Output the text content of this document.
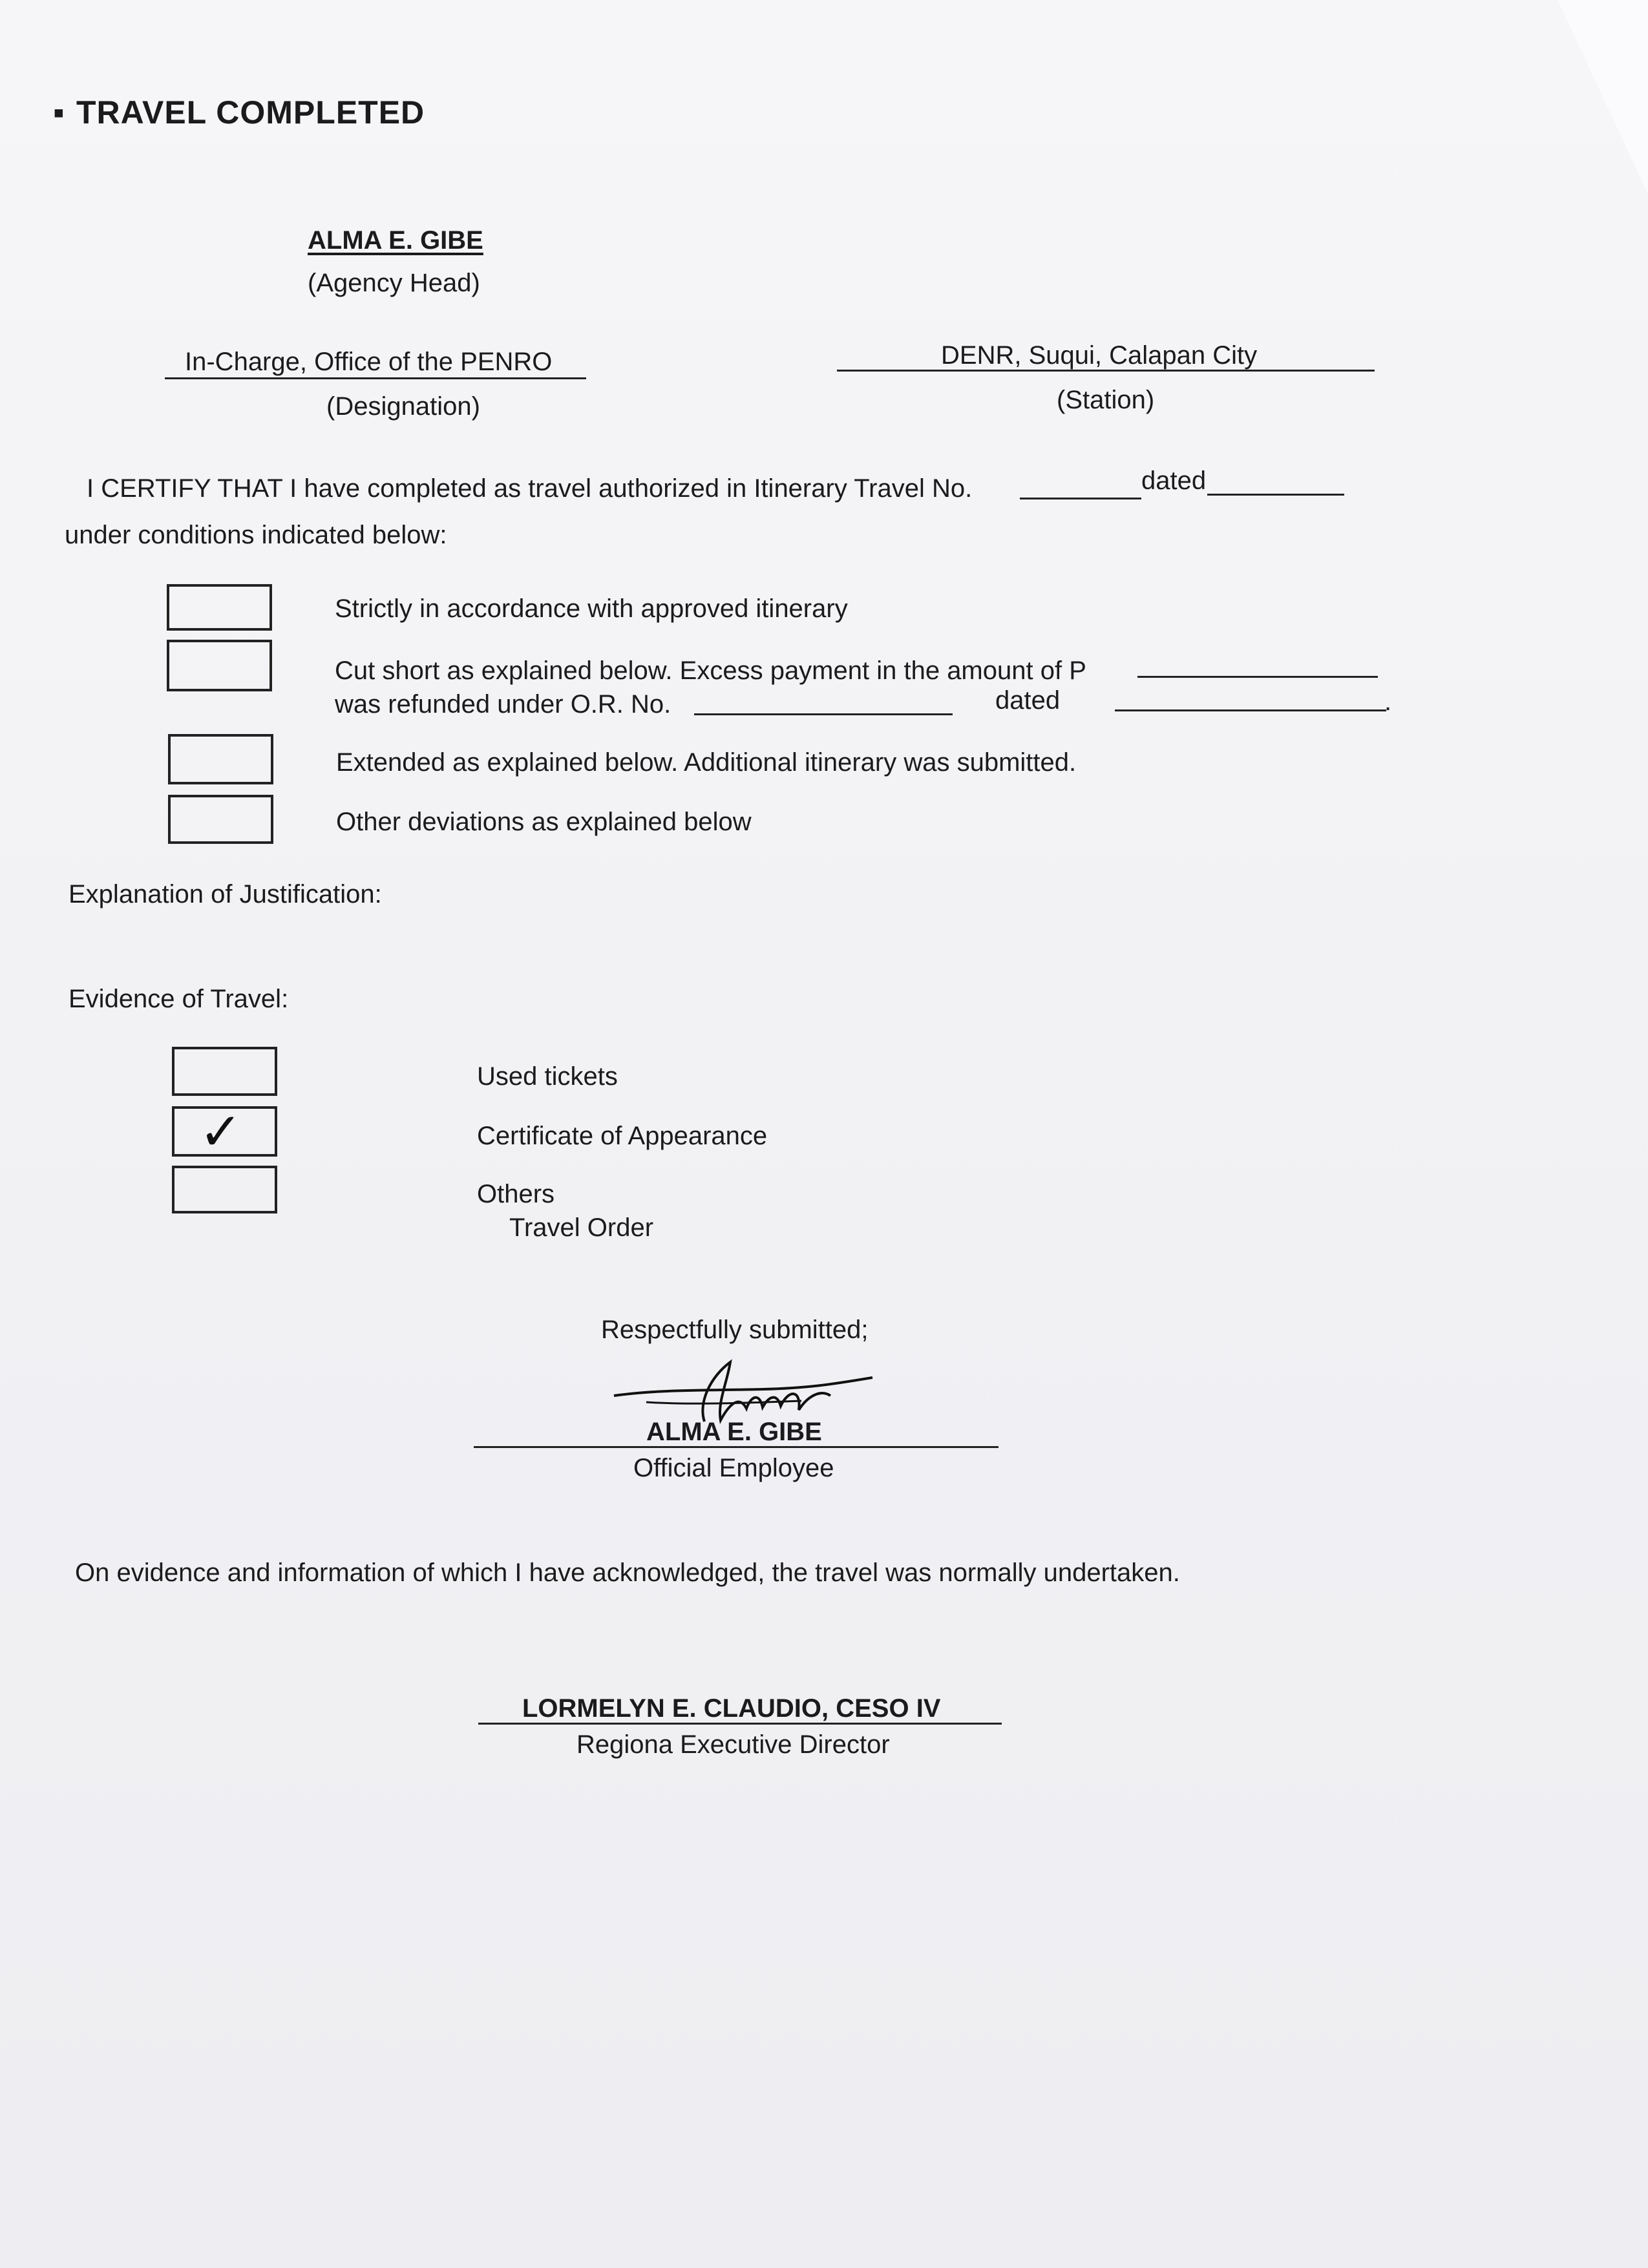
▪ TRAVEL COMPLETED
ALMA E. GIBE
(Agency Head)
In-Charge, Office of the PENRO
(Designation)
DENR, Suqui, Calapan City
(Station)
I CERTIFY THAT I have completed as travel authorized in Itinerary Travel No.	dated
under conditions indicated below:
Strictly in accordance with approved itinerary
Cut short as explained below. Excess payment in the amount of P
was refunded under O.R. No.	dated	.
Extended as explained below. Additional itinerary was submitted.
Other deviations as explained below
Explanation of Justification:
Evidence of Travel:
Used tickets
✓	Certificate of Appearance
Others
Travel Order
Respectfully submitted;
ALMA E. GIBE
Official Employee
On evidence and information of which I have acknowledged, the travel was normally undertaken.
LORMELYN E. CLAUDIO, CESO IV
Regiona Executive Director
